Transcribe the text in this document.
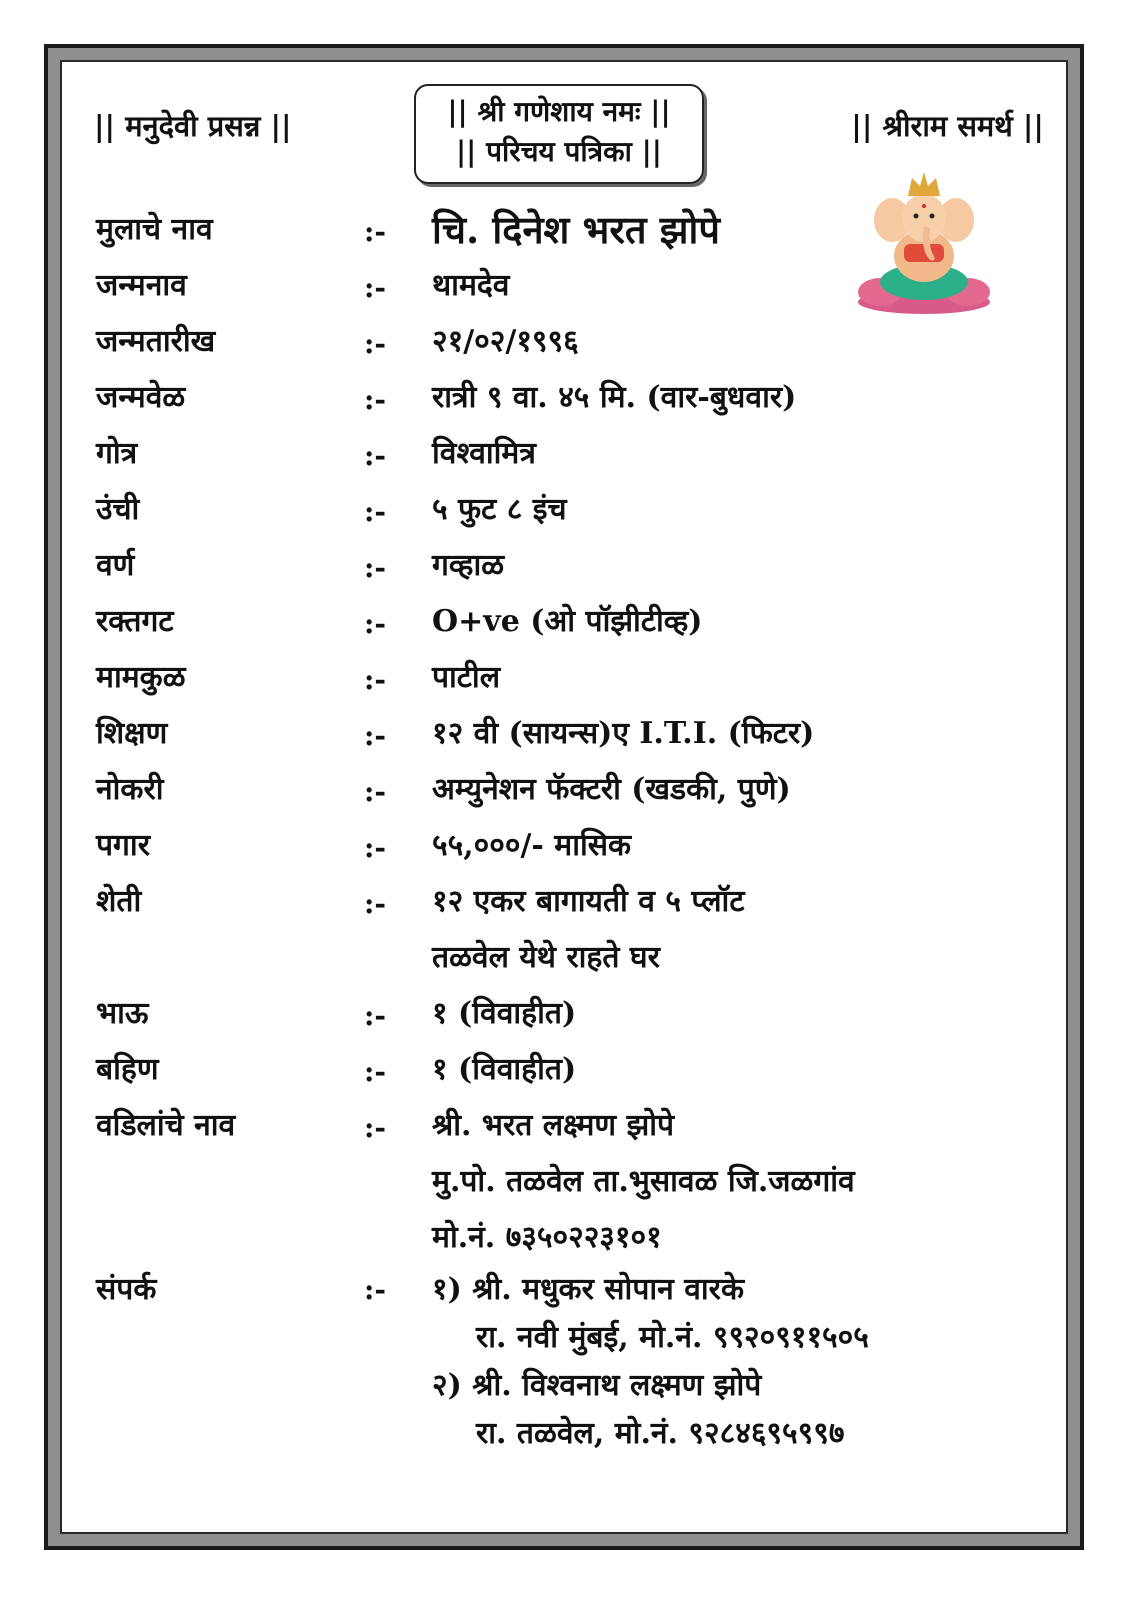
|| मनुदेवी प्रसन्न ||	|| श्री गणेशाय नमः ||
|| परिचय पत्रिका ||
|| श्रीराम समर्थ ||
मुलाचे नाव	:- चि. दिनेश भरत झोपे
जन्मनाव	:- थामदेव
जन्मतारीख	:- २१/०२/१९९६
जन्मवेळ	:- रात्री ९ वा. ४५ मि. (वार-बुधवार)
गोत्र	:- विश्वामित्र
उंची	:- ५ फुट ८ इंच
वर्ण	:- गव्हाळ
रक्तगट	:- O+ve (ओ पॉझीटीव्ह)
मामकुळ	:- पाटील
शिक्षण	:- १२ वी (सायन्स)ए I.T.I. (फिटर)
नोकरी	:- अम्युनेशन फॅक्टरी (खडकी, पुणे)
पगार	:- ५५,०००/- मासिक
शेती	:- १२ एकर बागायती व ५ प्लॉट
तळवेल येथे राहते घर
भाऊ	:- १ (विवाहीत)
बहिण	:- १ (विवाहीत)
वडिलांचे नाव	:- श्री. भरत लक्ष्मण झोपे
मु.पो. तळवेल ता.भुसावळ जि.जळगांव
मो.नं. ७३५०२२३१०१
संपर्क	:- १) श्री. मधुकर सोपान वारके
रा. नवी मुंबई, मो.नं. ९९२०९११५०५
२) श्री. विश्वनाथ लक्ष्मण झोपे
रा. तळवेल, मो.नं. ९२८४६९५९९७
